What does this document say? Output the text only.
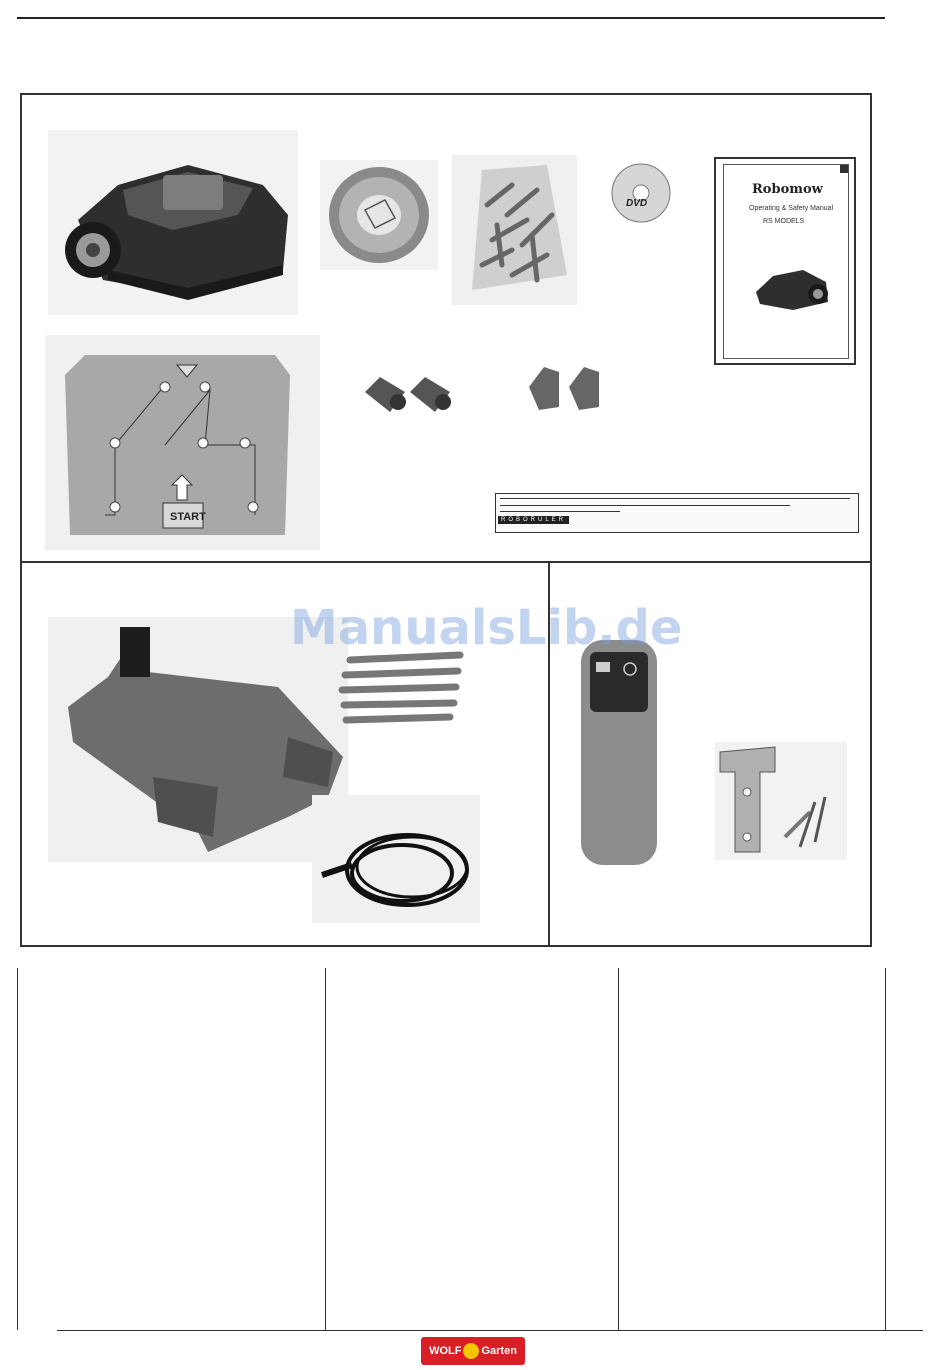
DVD
Robomow
Operating & Safety Manual
RS MODELS
START	ROBORULER
ManualsLib.de
WOLF Garten
